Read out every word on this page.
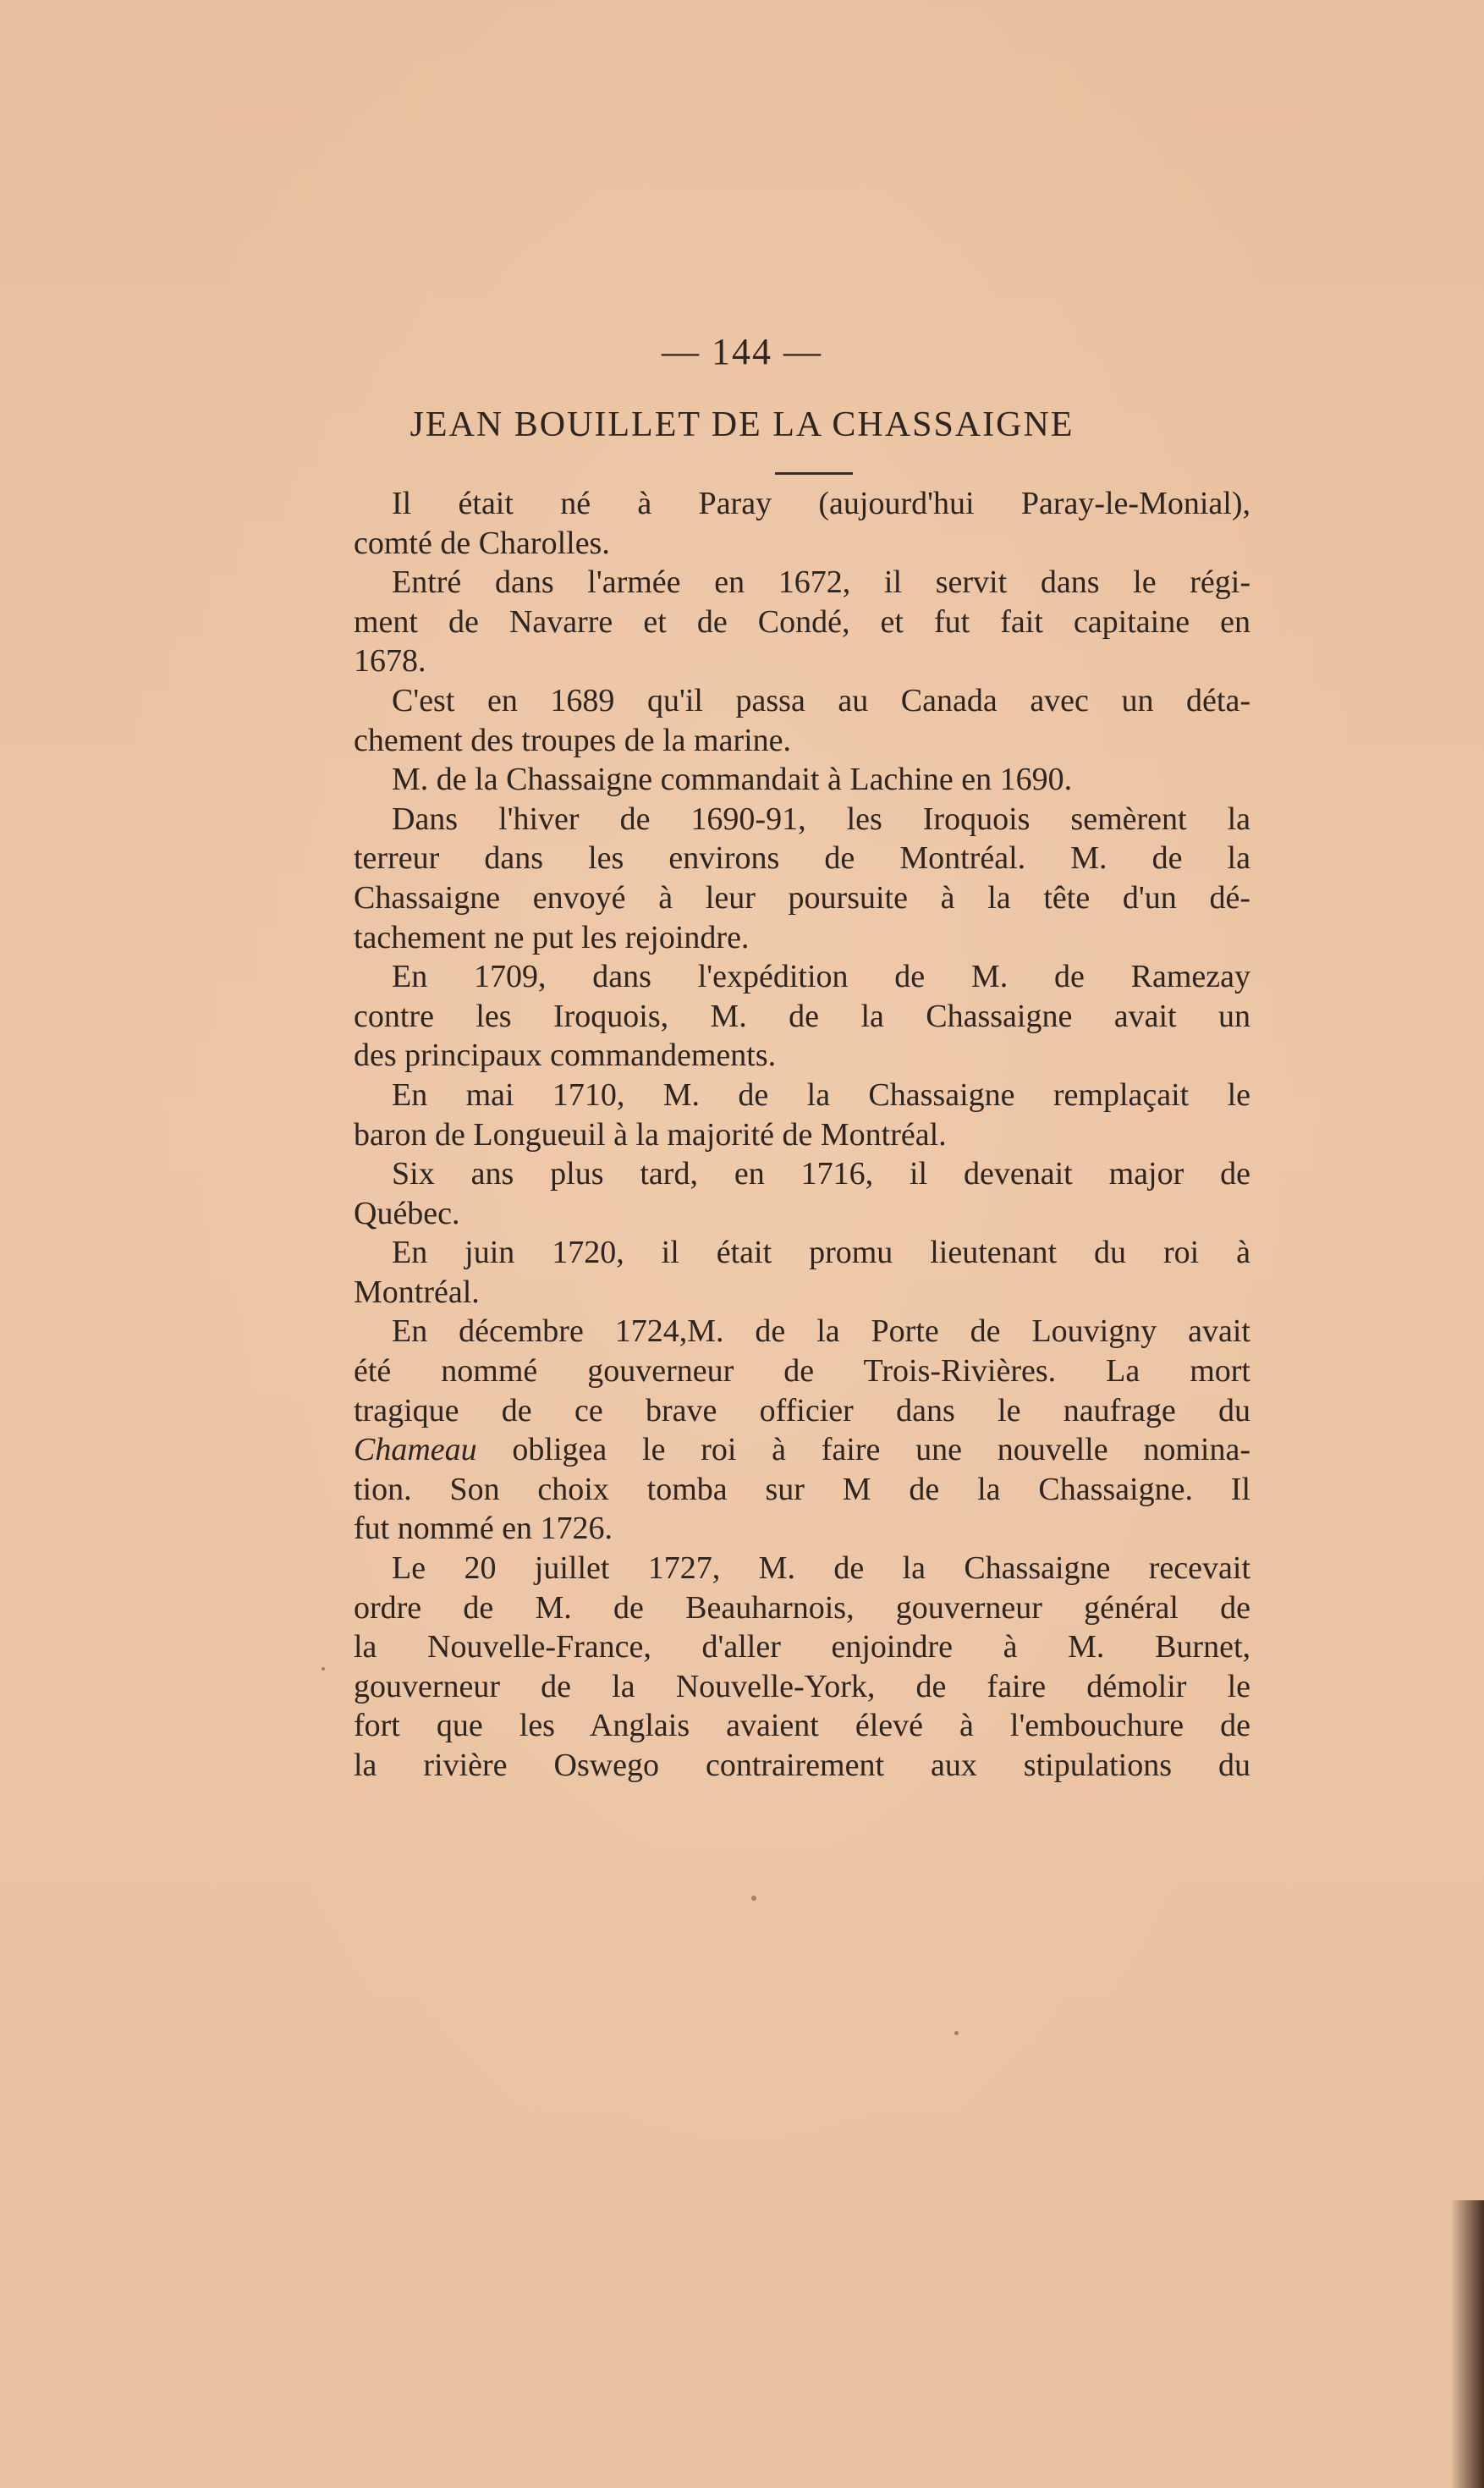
— 144 —
JEAN BOUILLET DE LA CHASSAIGNE
Il était né à Paray (aujourd'hui Paray-le-Monial),
comté de Charolles.
Entré dans l'armée en 1672, il servit dans le régi-
ment de Navarre et de Condé, et fut fait capitaine en
1678.
C'est en 1689 qu'il passa au Canada avec un déta-
chement des troupes de la marine.
M. de la Chassaigne commandait à Lachine en 1690.
Dans l'hiver de 1690-91, les Iroquois semèrent la
terreur dans les environs de Montréal. M. de la
Chassaigne envoyé à leur poursuite à la tête d'un dé-
tachement ne put les rejoindre.
En 1709, dans l'expédition de M. de Ramezay
contre les Iroquois, M. de la Chassaigne avait un
des principaux commandements.
En mai 1710, M. de la Chassaigne remplaçait le
baron de Longueuil à la majorité de Montréal.
Six ans plus tard, en 1716, il devenait major de
Québec.
En juin 1720, il était promu lieutenant du roi à
Montréal.
En décembre 1724,M. de la Porte de Louvigny avait
été nommé gouverneur de Trois-Rivières. La mort
tragique de ce brave officier dans le naufrage du
Chameau obligea le roi à faire une nouvelle nomina-
tion. Son choix tomba sur M de la Chassaigne. Il
fut nommé en 1726.
Le 20 juillet 1727, M. de la Chassaigne recevait
ordre de M. de Beauharnois, gouverneur général de
la Nouvelle-France, d'aller enjoindre à M. Burnet,
gouverneur de la Nouvelle-York, de faire démolir le
fort que les Anglais avaient élevé à l'embouchure de
la rivière Oswego contrairement aux stipulations du
